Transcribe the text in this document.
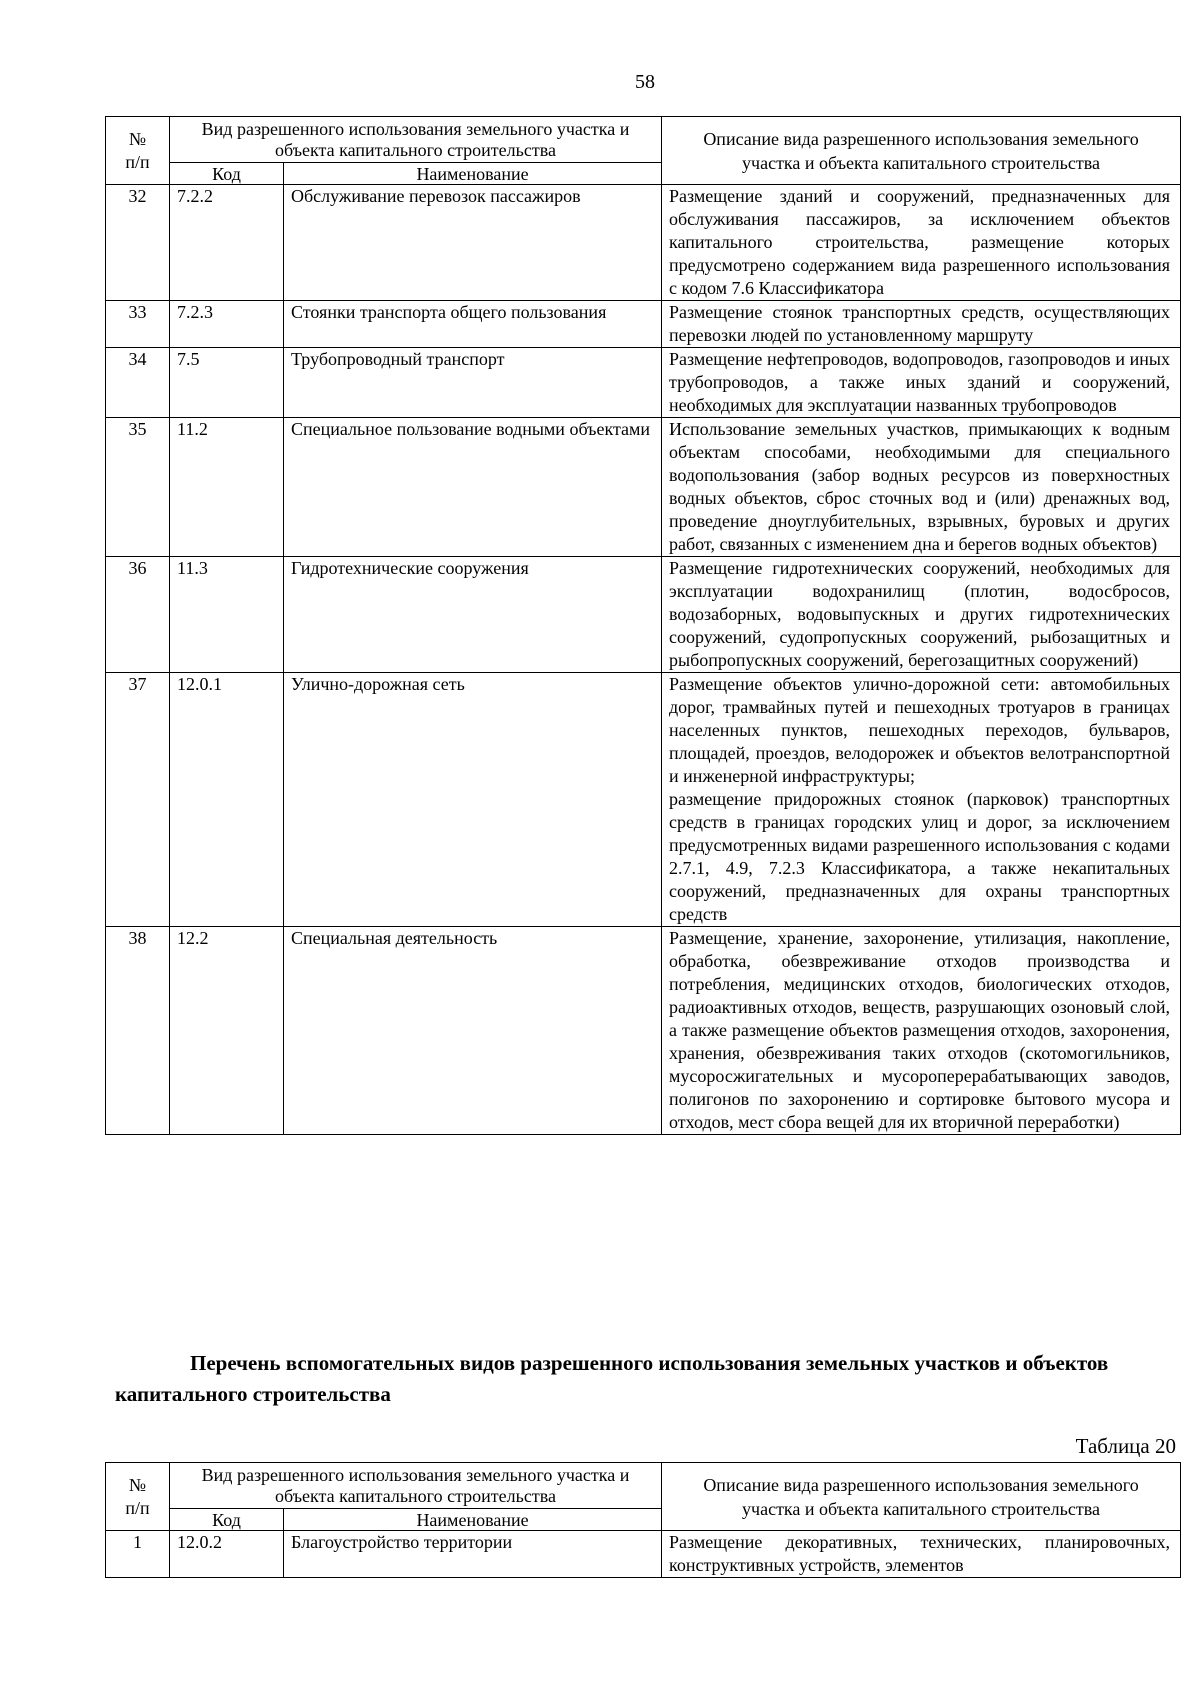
58
№
п/п	Вид разрешенного использования земельного участка и объекта капитального строительства		Описание вида разрешенного использования земельного участка и объекта капитального строительства
	Код	Наименование	
32	7.2.2	Обслуживание перевозок пассажиров	Размещение зданий и сооружений, предназначенных для обслуживания пассажиров, за исключением объектов капитального строительства, размещение которых предусмотрено содержанием вида разрешенного использования с кодом 7.6 Классификатора

33	7.2.3	Стоянки транспорта общего пользования	Размещение стоянок транспортных средств, осуществляющих перевозки людей по установленному маршруту

34	7.5	Трубопроводный транспорт	Размещение нефтепроводов, водопроводов, газопроводов и иных трубопроводов, а также иных зданий и сооружений, необходимых для эксплуатации названных трубопроводов

35	11.2	Специальное пользование водными объектами	Использование земельных участков, примыкающих к водным объектам способами, необходимыми для специального водопользования (забор водных ресурсов из поверхностных водных объектов, сброс сточных вод и (или) дренажных вод, проведение дноуглубительных, взрывных, буровых и других работ, связанных с изменением дна и берегов водных объектов)

36	11.3	Гидротехнические сооружения	Размещение гидротехнических сооружений, необходимых для эксплуатации водохранилищ (плотин, водосбросов, водозаборных, водовыпускных и других гидротехнических сооружений, судопропускных сооружений, рыбозащитных и рыбопропускных сооружений, берегозащитных сооружений)

37	12.0.1	Улично-дорожная сеть	Размещение объектов улично-дорожной сети: автомобильных дорог, трамвайных путей и пешеходных тротуаров в границах населенных пунктов, пешеходных переходов, бульваров, площадей, проездов, велодорожек и объектов велотранспортной и инженерной инфраструктуры;
размещение придорожных стоянок (парковок) транспортных средств в границах городских улиц и дорог, за исключением предусмотренных видами разрешенного использования с кодами 2.7.1, 4.9, 7.2.3 Классификатора, а также некапитальных сооружений, предназначенных для охраны транспортных средств

38	12.2	Специальная деятельность	Размещение, хранение, захоронение, утилизация, накопление, обработка, обезвреживание отходов производства и потребления, медицинских отходов, биологических отходов, радиоактивных отходов, веществ, разрушающих озоновый слой, а также размещение объектов размещения отходов, захоронения, хранения, обезвреживания таких отходов (скотомогильников, мусоросжигательных и мусороперерабатывающих заводов, полигонов по захоронению и сортировке бытового мусора и отходов, мест сбора вещей для их вторичной переработки)
Перечень вспомогательных видов разрешенного использования земельных участков и объектов капитального строительства
Таблица 20
№
п/п	Вид разрешенного использования земельного участка и объекта капитального строительства		Описание вида разрешенного использования земельного участка и объекта капитального строительства
	Код	Наименование	
1	12.0.2	Благоустройство территории	Размещение декоративных, технических, планировочных, конструктивных устройств, элементов
